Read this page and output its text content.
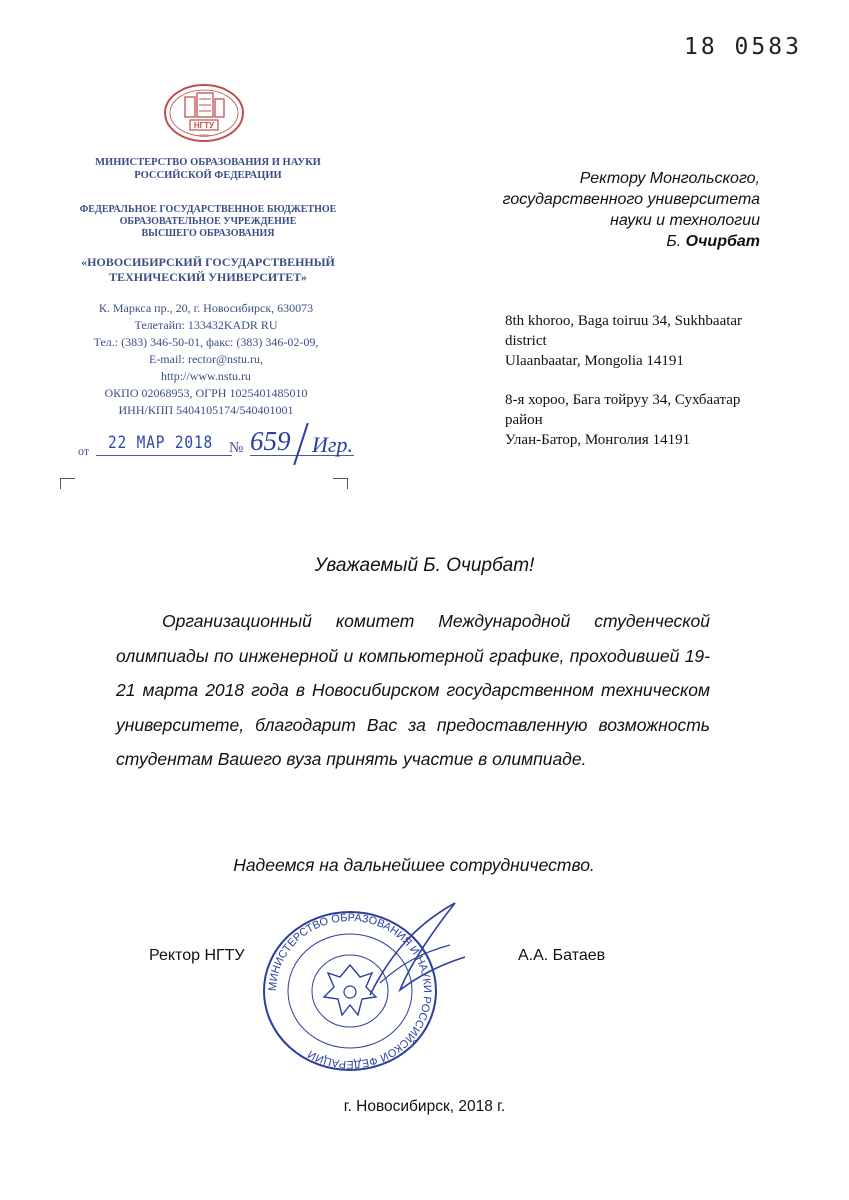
18 0583
НГТУ
1950
МИНИСТЕРСТВО ОБРАЗОВАНИЯ И НАУКИ
РОССИЙСКОЙ ФЕДЕРАЦИИ
ФЕДЕРАЛЬНОЕ ГОСУДАРСТВЕННОЕ БЮДЖЕТНОЕ
ОБРАЗОВАТЕЛЬНОЕ УЧРЕЖДЕНИЕ
ВЫСШЕГО ОБРАЗОВАНИЯ
«НОВОСИБИРСКИЙ ГОСУДАРСТВЕННЫЙ
ТЕХНИЧЕСКИЙ УНИВЕРСИТЕТ»
К. Маркса пр., 20, г. Новосибирск, 630073
Телетайп: 133432KADR RU
Тел.: (383) 346-50-01, факс: (383) 346-02-09,
E-mail: rector@nstu.ru,
http://www.nstu.ru
ОКПО 02068953, ОГРН 1025401485010
ИНН/КПП 5404105174/540401001
от 22 МАР 2018 № 659 Игр.
Ректору Монгольского,
государственного университета
науки и технологии
Б. Очирбат
8th khoroo, Baga toiruu 34, Sukhbaatar
district
Ulaanbaatar, Mongolia 14191
8-я хороо, Бага тойруу 34, Сухбаатар
район
Улан-Батор, Монголия 14191
Уважаемый Б. Очирбат!
Организационный комитет Международной студенческой олимпиады по инженерной и компьютерной графике, проходившей 19-21 марта 2018 года в Новосибирском государственном техническом университете, благодарит Вас за предоставленную возможность студентам Вашего вуза принять участие в олимпиаде.
Надеемся на дальнейшее сотрудничество.
МИНИСТЕРСТВО ОБРАЗОВАНИЯ И НАУКИ РОССИЙСКОЙ ФЕДЕРАЦИИ
Ректор НГТУ	А.А. Батаев
г. Новосибирск, 2018 г.
